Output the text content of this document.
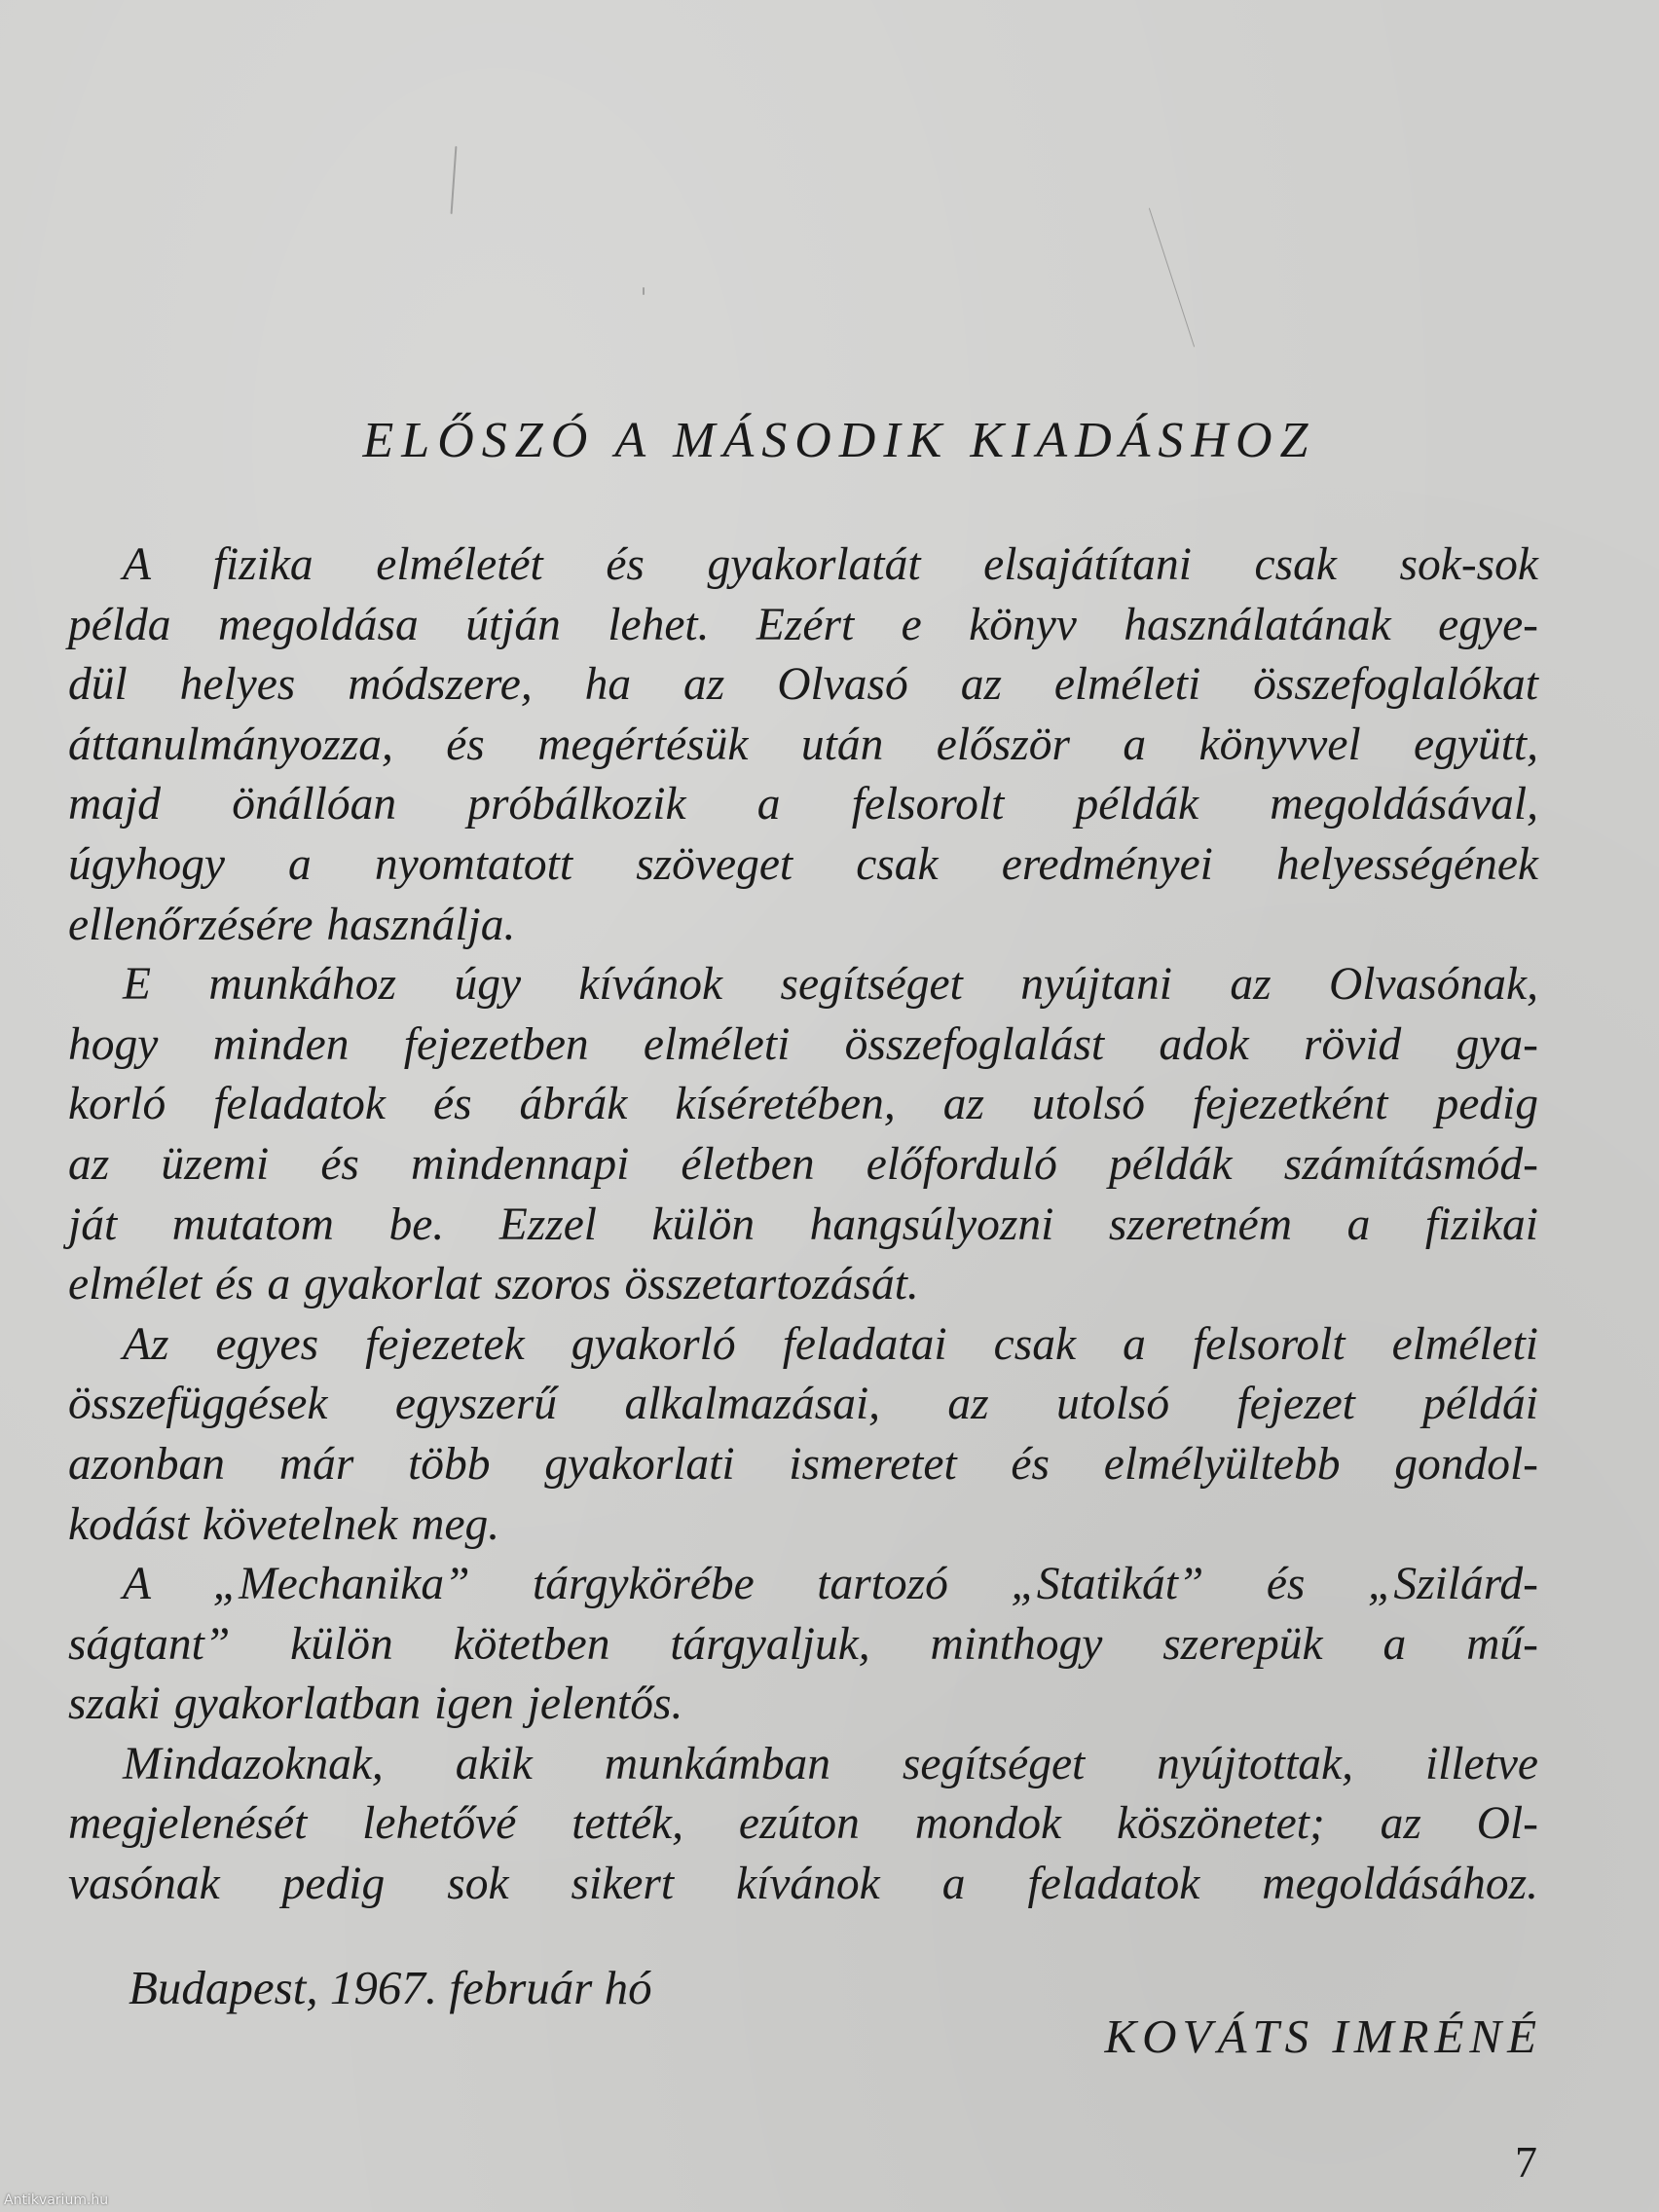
ELŐSZÓ A MÁSODIK KIADÁSHOZ
A fizika elméletét és gyakorlatát elsajátítani csak sok-sok
példa megoldása útján lehet. Ezért e könyv használatának egye-
dül helyes módszere, ha az Olvasó az elméleti összefoglalókat
áttanulmányozza, és megértésük után először a könyvvel együtt,
majd önállóan próbálkozik a felsorolt példák megoldásával,
úgyhogy a nyomtatott szöveget csak eredményei helyességének
ellenőrzésére használja.
E munkához úgy kívánok segítséget nyújtani az Olvasónak,
hogy minden fejezetben elméleti összefoglalást adok rövid gya-
korló feladatok és ábrák kíséretében, az utolsó fejezetként pedig
az üzemi és mindennapi életben előforduló példák számításmód-
ját mutatom be. Ezzel külön hangsúlyozni szeretném a fizikai
elmélet és a gyakorlat szoros összetartozását.
Az egyes fejezetek gyakorló feladatai csak a felsorolt elméleti
összefüggések egyszerű alkalmazásai, az utolsó fejezet példái
azonban már több gyakorlati ismeretet és elmélyültebb gondol-
kodást követelnek meg.
A „Mechanika” tárgykörébe tartozó „Statikát” és „Szilárd-
ságtant” külön kötetben tárgyaljuk, minthogy szerepük a mű-
szaki gyakorlatban igen jelentős.
Mindazoknak, akik munkámban segítséget nyújtottak, illetve
megjelenését lehetővé tették, ezúton mondok köszönetet; az Ol-
vasónak pedig sok sikert kívánok a feladatok megoldásához.
Budapest, 1967. február hó
KOVÁTS IMRÉNÉ
7
Antikvarium.hu
